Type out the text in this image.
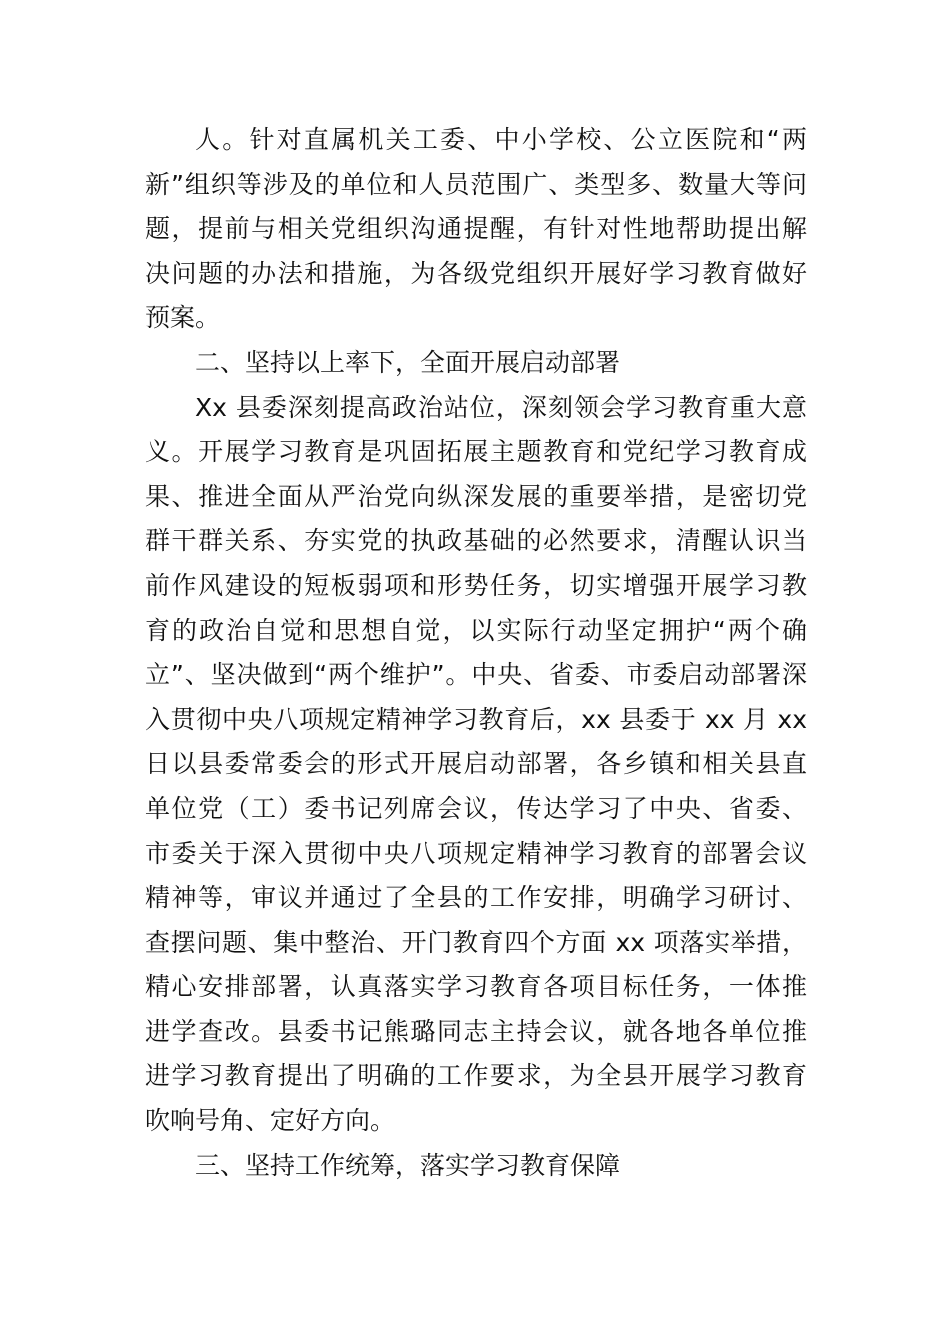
人。针对直属机关工委、中小学校、公立医院和“两
新”组织等涉及的单位和人员范围广、类型多、数量大等问
题，提前与相关党组织沟通提醒，有针对性地帮助提出解
决问题的办法和措施，为各级党组织开展好学习教育做好
预案。

二、坚持以上率下，全面开展启动部署

Xx 县委深刻提高政治站位，深刻领会学习教育重大意
义。开展学习教育是巩固拓展主题教育和党纪学习教育成
果、推进全面从严治党向纵深发展的重要举措，是密切党
群干群关系、夯实党的执政基础的必然要求，清醒认识当
前作风建设的短板弱项和形势任务，切实增强开展学习教
育的政治自觉和思想自觉，以实际行动坚定拥护“两个确
立”、坚决做到“两个维护”。中央、省委、市委启动部署深
入贯彻中央八项规定精神学习教育后，xx 县委于 xx 月 xx
日以县委常委会的形式开展启动部署，各乡镇和相关县直
单位党（工）委书记列席会议，传达学习了中央、省委、
市委关于深入贯彻中央八项规定精神学习教育的部署会议
精神等，审议并通过了全县的工作安排，明确学习研讨、
查摆问题、集中整治、开门教育四个方面 xx 项落实举措，
精心安排部署，认真落实学习教育各项目标任务，一体推
进学查改。县委书记熊璐同志主持会议，就各地各单位推
进学习教育提出了明确的工作要求，为全县开展学习教育
吹响号角、定好方向。

三、坚持工作统筹，落实学习教育保障
